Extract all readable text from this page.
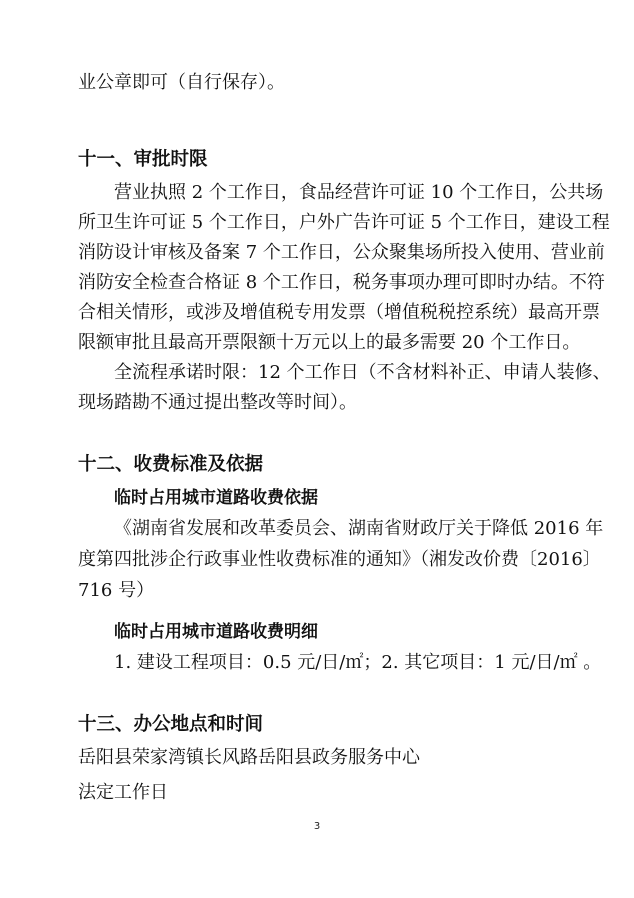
业公章即可（自行保存）。
十一、审批时限
营业执照 2 个工作日，食品经营许可证 10 个工作日，公共场
所卫生许可证 5 个工作日，户外广告许可证 5 个工作日，建设工程
消防设计审核及备案 7 个工作日，公众聚集场所投入使用、营业前
消防安全检查合格证 8 个工作日，税务事项办理可即时办结。不符
合相关情形，或涉及增值税专用发票（增值税税控系统）最高开票
限额审批且最高开票限额十万元以上的最多需要 20 个工作日。
全流程承诺时限：12 个工作日（不含材料补正、申请人装修、
现场踏勘不通过提出整改等时间）。
十二、收费标准及依据
临时占用城市道路收费依据
《湖南省发展和改革委员会、湖南省财政厅关于降低 2016 年
度第四批涉企行政事业性收费标准的通知》（湘发改价费〔2016〕
716 号）
临时占用城市道路收费明细
1. 建设工程项目：0.5 元/日/㎡；2. 其它项目：1 元/日/㎡ 。
十三、办公地点和时间
岳阳县荣家湾镇长风路岳阳县政务服务中心
法定工作日
3
